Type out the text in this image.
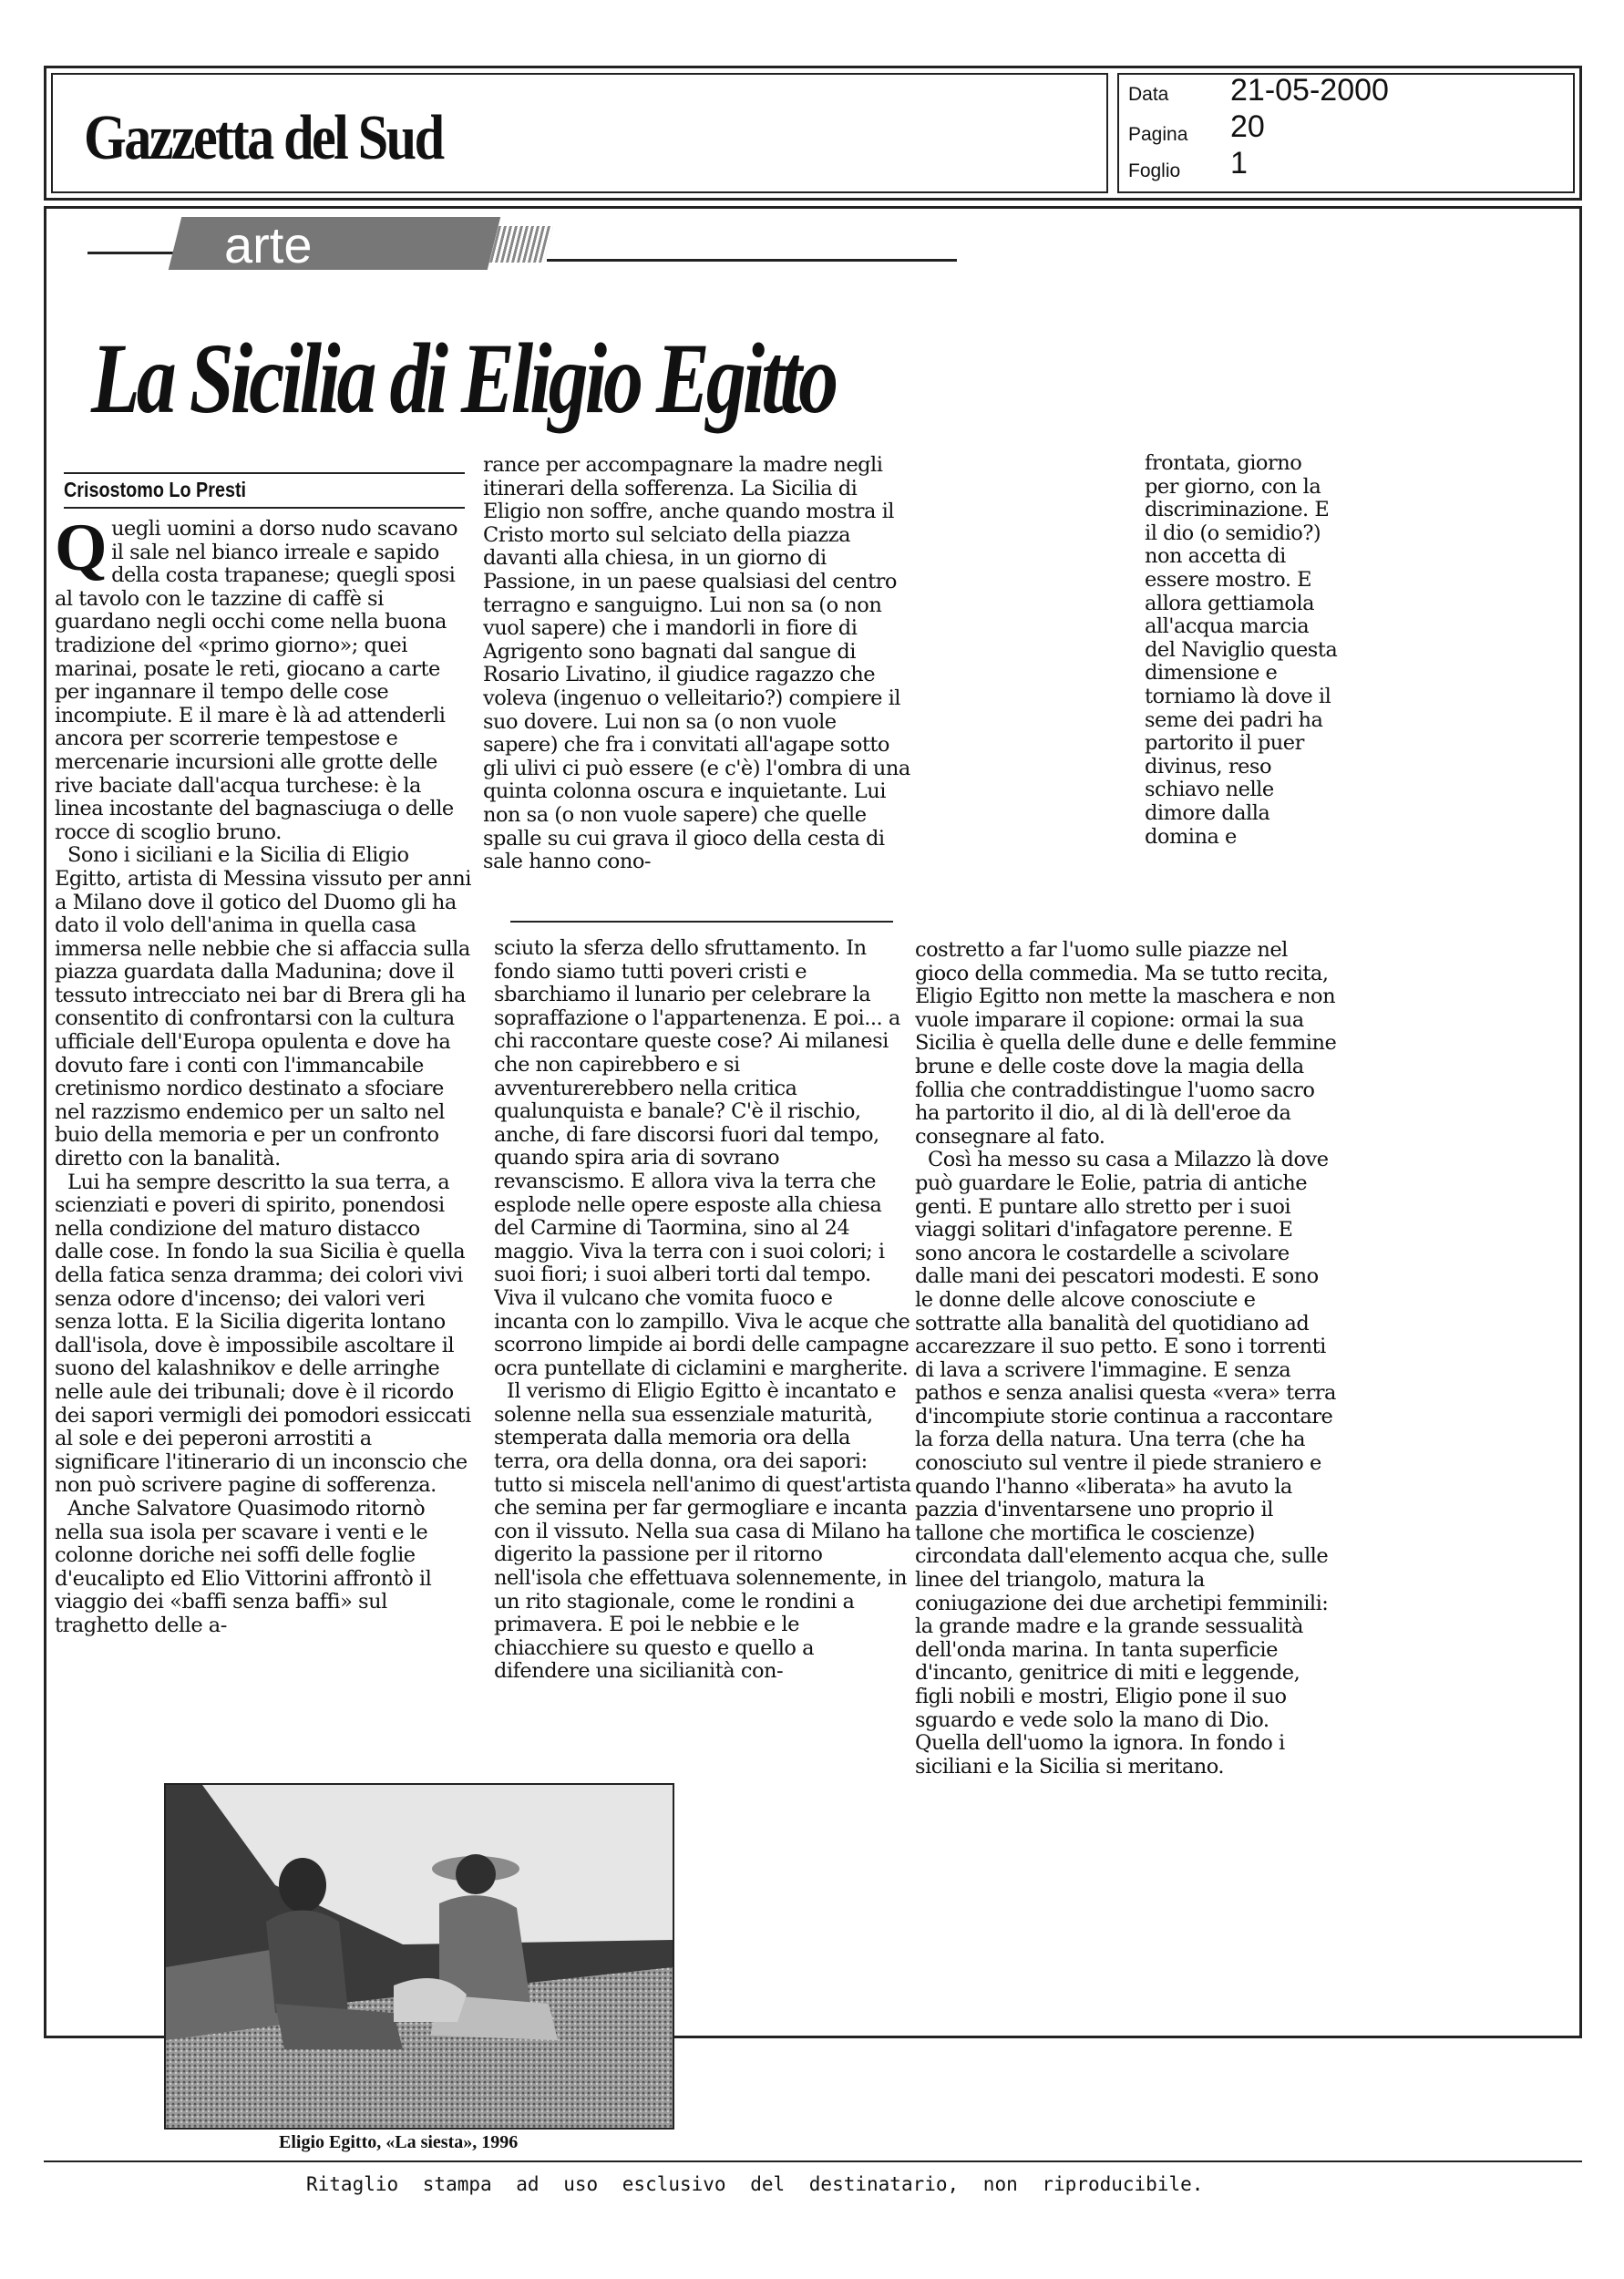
Gazzetta del Sud
Data 21-05-2000
Pagina 20
Foglio 1
arte
La Sicilia di Eligio Egitto
Crisostomo Lo Presti

Quegli uomini a dorso nudo scavano il sale nel bianco irreale e sapido della costa trapanese; quegli sposi al tavolo con le tazzine di caffè si guardano negli occhi come nella buona tradizione del «primo giorno»; quei marinai, posate le reti, giocano a carte per ingannare il tempo delle cose incompiute. E il mare è là ad attenderli ancora per scorrerie tempestose e mercenarie incursioni alle grotte delle rive baciate dall'acqua turchese: è la linea incostante del bagnasciuga o delle rocce di scoglio bruno.

Sono i siciliani e la Sicilia di Eligio Egitto, artista di Messina vissuto per anni a Milano dove il gotico del Duomo gli ha dato il volo dell'anima in quella casa immersa nelle nebbie che si affaccia sulla piazza guardata dalla Madunina; dove il tessuto intrecciato nei bar di Brera gli ha consentito di confrontarsi con la cultura ufficiale dell'Europa opulenta e dove ha dovuto fare i conti con l'immancabile cretinismo nordico destinato a sfociare nel razzismo endemico per un salto nel buio della memoria e per un confronto diretto con la banalità.

Lui ha sempre descritto la sua terra, a scienziati e poveri di spirito, ponendosi nella condizione del maturo distacco dalle cose. In fondo la sua Sicilia è quella della fatica senza dramma; dei colori vivi senza odore d'incenso; dei valori veri senza lotta. E la Sicilia digerita lontano dall'isola, dove è impossibile ascoltare il suono del kalashnikov e delle arringhe nelle aule dei tribunali; dove è il ricordo dei sapori vermigli dei pomodori essiccati al sole e dei peperoni arrostiti a significare l'itinerario di un inconscio che non può scrivere pagine di sofferenza.

Anche Salvatore Quasimodo ritornò nella sua isola per scavare i venti e le colonne doriche nei soffi delle foglie d'eucalipto ed Elio Vittorini affrontò il viaggio dei «baffi senza baffi» sul traghetto delle a-

rance per accompagnare la madre negli itinerari della sofferenza. La Sicilia di Eligio non soffre, anche quando mostra il Cristo morto sul selciato della piazza davanti alla chiesa, in un giorno di Passione, in un paese qualsiasi del centro terragno e sanguigno. Lui non sa (o non vuol sapere) che i mandorli in fiore di Agrigento sono bagnati dal sangue di Rosario Livatino, il giudice ragazzo che voleva (ingenuo o velleitario?) compiere il suo dovere. Lui non sa (o non vuole sapere) che fra i convitati all'agape sotto gli ulivi ci può essere (e c'è) l'ombra di una quinta colonna oscura e inquietante. Lui non sa (o non vuole sapere) che quelle spalle su cui grava il gioco della cesta di sale hanno cono-

sciuto la sferza dello sfruttamento. In fondo siamo tutti poveri cristi e sbarchiamo il lunario per celebrare la sopraffazione o l'appartenenza. E poi... a chi raccontare queste cose? Ai milanesi che non capirebbero e si avventurerebbero nella critica qualunquista e banale? C'è il rischio, anche, di fare discorsi fuori dal tempo, quando spira aria di sovrano revanscismo. E allora viva la terra che esplode nelle opere esposte alla chiesa del Carmine di Taormina, sino al 24 maggio. Viva la terra con i suoi colori; i suoi fiori; i suoi alberi torti dal tempo. Viva il vulcano che vomita fuoco e incanta con lo zampillo. Viva le acque che scorrono limpide ai bordi delle campagne ocra puntellate di ciclamini e margherite.

Il verismo di Eligio Egitto è incantato e solenne nella sua essenziale maturità, stemperata dalla memoria ora della terra, ora della donna, ora dei sapori: tutto si miscela nell'animo di quest'artista che semina per far germogliare e incanta con il vissuto. Nella sua casa di Milano ha digerito la passione per il ritorno nell'isola che effettuava solennemente, in un rito stagionale, come le rondini a primavera. E poi le nebbie e le chiacchiere su questo e quello a difendere una sicilianità con-

frontata, giorno per giorno, con la discriminazione. E il dio (o semidio?) non accetta di essere mostro. E allora gettiamola all'acqua marcia del Naviglio questa dimensione e torniamo là dove il seme dei padri ha partorito il puer divinus, reso schiavo nelle dimore dalla domina e

costretto a far l'uomo sulle piazze nel gioco della commedia. Ma se tutto recita, Eligio Egitto non mette la maschera e non vuole imparare il copione: ormai la sua Sicilia è quella delle dune e delle femmine brune e delle coste dove la magia della follia che contraddistingue l'uomo sacro ha partorito il dio, al di là dell'eroe da consegnare al fato.

Così ha messo su casa a Milazzo là dove può guardare le Eolie, patria di antiche genti. E puntare allo stretto per i suoi viaggi solitari d'infagatore perenne. E sono ancora le costardelle a scivolare dalle mani dei pescatori modesti. E sono le donne delle alcove conosciute e sottratte alla banalità del quotidiano ad accarezzare il suo petto. E sono i torrenti di lava a scrivere l'immagine. E senza pathos e senza analisi questa «vera» terra d'incompiute storie continua a raccontare la forza della natura. Una terra (che ha conosciuto sul ventre il piede straniero e quando l'hanno «liberata» ha avuto la pazzia d'inventarsene uno proprio il tallone che mortifica le coscienze) circondata dall'elemento acqua che, sulle linee del triangolo, matura la coniugazione dei due archetipi femminili: la grande madre e la grande sessualità dell'onda marina. In tanta superficie d'incanto, genitrice di miti e leggende, figli nobili e mostri, Eligio pone il suo sguardo e vede solo la mano di Dio. Quella dell'uomo la ignora. In fondo i siciliani e la Sicilia si meritano.

Eligio Egitto, «La siesta», 1996
Ritaglio stampa ad uso esclusivo del destinatario, non riproducibile.
